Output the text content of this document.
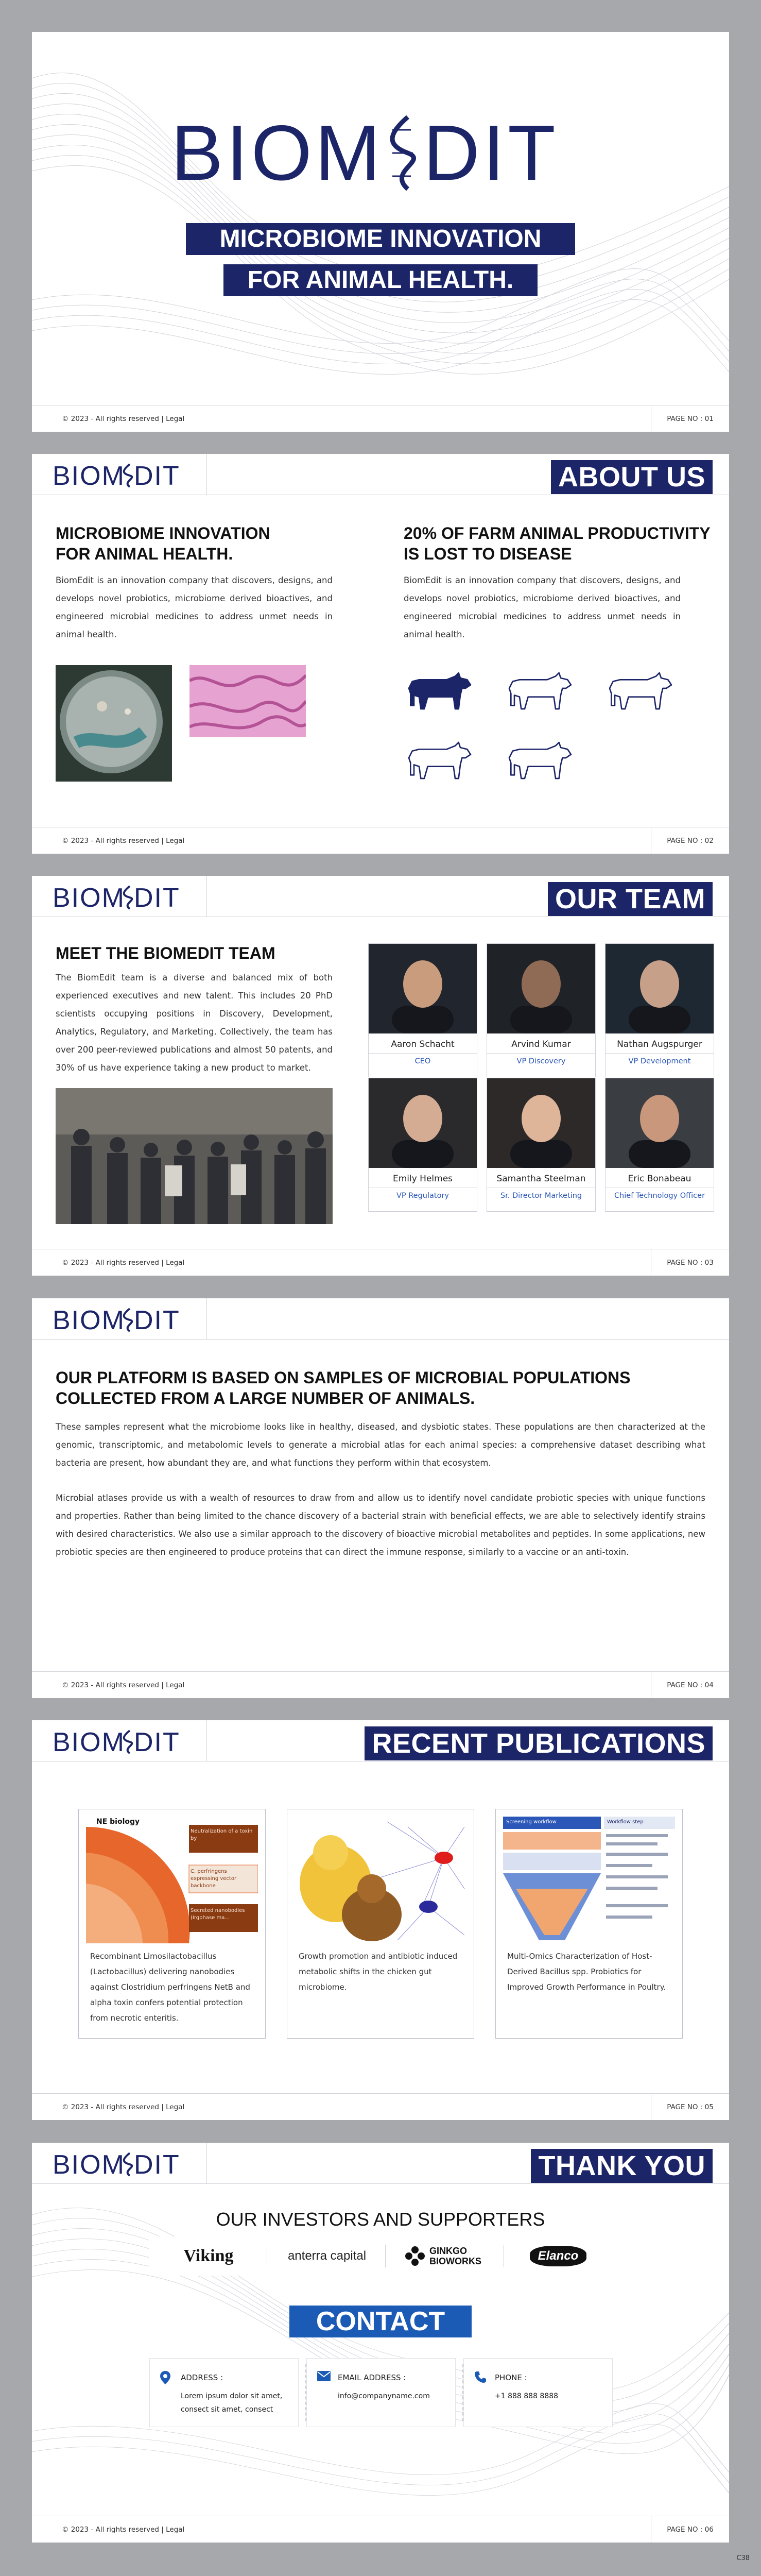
BIOM DIT
MICROBIOME INNOVATION
FOR ANIMAL HEALTH.
© 2023 - All rights reserved | Legal	PAGE NO : 01
BIOM DIT	ABOUT US
MICROBIOME INNOVATION
FOR ANIMAL HEALTH.

BiomEdit is an innovation company that discovers, designs, and develops novel probiotics, microbiome derived bioactives, and engineered microbial medicines to address unmet needs in animal health.

20% OF FARM ANIMAL PRODUCTIVITY
IS LOST TO DISEASE

BiomEdit is an innovation company that discovers, designs, and develops novel probiotics, microbiome derived bioactives, and engineered microbial medicines to address unmet needs in animal health.

© 2023 - All rights reserved | Legal	PAGE NO : 02
BIOM DIT	OUR TEAM
MEET THE BIOMEDIT TEAM

The BiomEdit team is a diverse and balanced mix of both experienced executives and new talent. This includes 20 PhD scientists occupying positions in Discovery, Development, Analytics, Regulatory, and Marketing. Collectively, the team has over 200 peer-reviewed publications and almost 50 patents, and 30% of us have experience taking a new product to market.

Aaron Schacht
CEO
Arvind Kumar
VP Discovery
Nathan Augspurger
VP Development
Emily Helmes
VP Regulatory
Samantha Steelman
Sr. Director Marketing
Eric Bonabeau
Chief Technology Officer
© 2023 - All rights reserved | Legal	PAGE NO : 03
BIOM DIT
OUR PLATFORM IS BASED ON SAMPLES OF MICROBIAL POPULATIONS
COLLECTED FROM A LARGE NUMBER OF ANIMALS.

These samples represent what the microbiome looks like in healthy, diseased, and dysbiotic states. These populations are then characterized at the genomic, transcriptomic, and metabolomic levels to generate a microbial atlas for each animal species: a comprehensive dataset describing what bacteria are present, how abundant they are, and what functions they perform within that ecosystem.

Microbial atlases provide us with a wealth of resources to draw from and allow us to identify novel candidate probiotic species with unique functions and properties. Rather than being limited to the chance discovery of a bacterial strain with beneficial effects, we are able to selectively identify strains with desired characteristics. We also use a similar approach to the discovery of bioactive microbial metabolites and peptides. In some applications, new probiotic species are then engineered to produce proteins that can direct the immune response, similarly to a vaccine or an anti-toxin.

© 2023 - All rights reserved | Legal	PAGE NO : 04
BIOM DIT	RECENT PUBLICATIONS
NE biology
Neutralization of a toxin by
C. perfringens expressing vector backbone
Secreted nanobodies (Irgphase ma...

Recombinant Limosilactobacillus (Lactobacillus) delivering nanobodies against Clostridium perfringens NetB and alpha toxin confers potential protection from necrotic enteritis.

Growth promotion and antibiotic induced metabolic shifts in the chicken gut microbiome.

Screening workflow	Workflow step

Multi-Omics Characterization of Host-Derived Bacillus spp. Probiotics for Improved Growth Performance in Poultry.

© 2023 - All rights reserved | Legal	PAGE NO : 05
BIOM DIT	THANK YOU
OUR INVESTORS AND SUPPORTERS
Viking	anterra capital	GINKGO BIOWORKS	Elanco
CONTACT
ADDRESS :
Lorem ipsum dolor sit amet, consect sit amet, consect
EMAIL ADDRESS :
info@companyname.com
PHONE :
+1 888 888 8888
© 2023 - All rights reserved | Legal	PAGE NO : 06
C38
